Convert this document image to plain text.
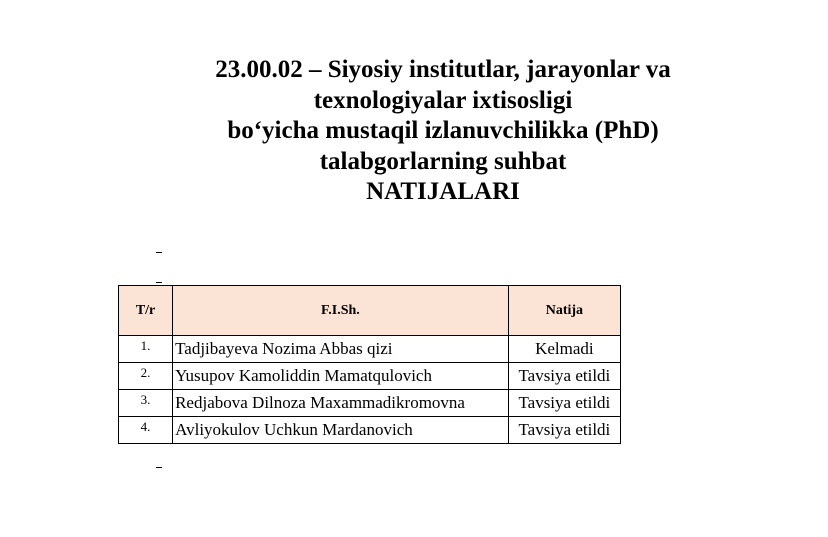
23.00.02 – Siyosiy institutlar, jarayonlar va
texnologiyalar ixtisosligi
bo‘yicha mustaqil izlanuvchilikka (PhD)
talabgorlarning suhbat
NATIJALARI
T/r	F.I.Sh.	Natija
1.	Tadjibayeva Nozima Abbas qizi	Kelmadi
2.	Yusupov Kamoliddin Mamatqulovich	Tavsiya etildi
3.	Redjabova Dilnoza Maxammadikromovna	Tavsiya etildi
4.	Avliyokulov Uchkun Mardanovich	Tavsiya etildi
